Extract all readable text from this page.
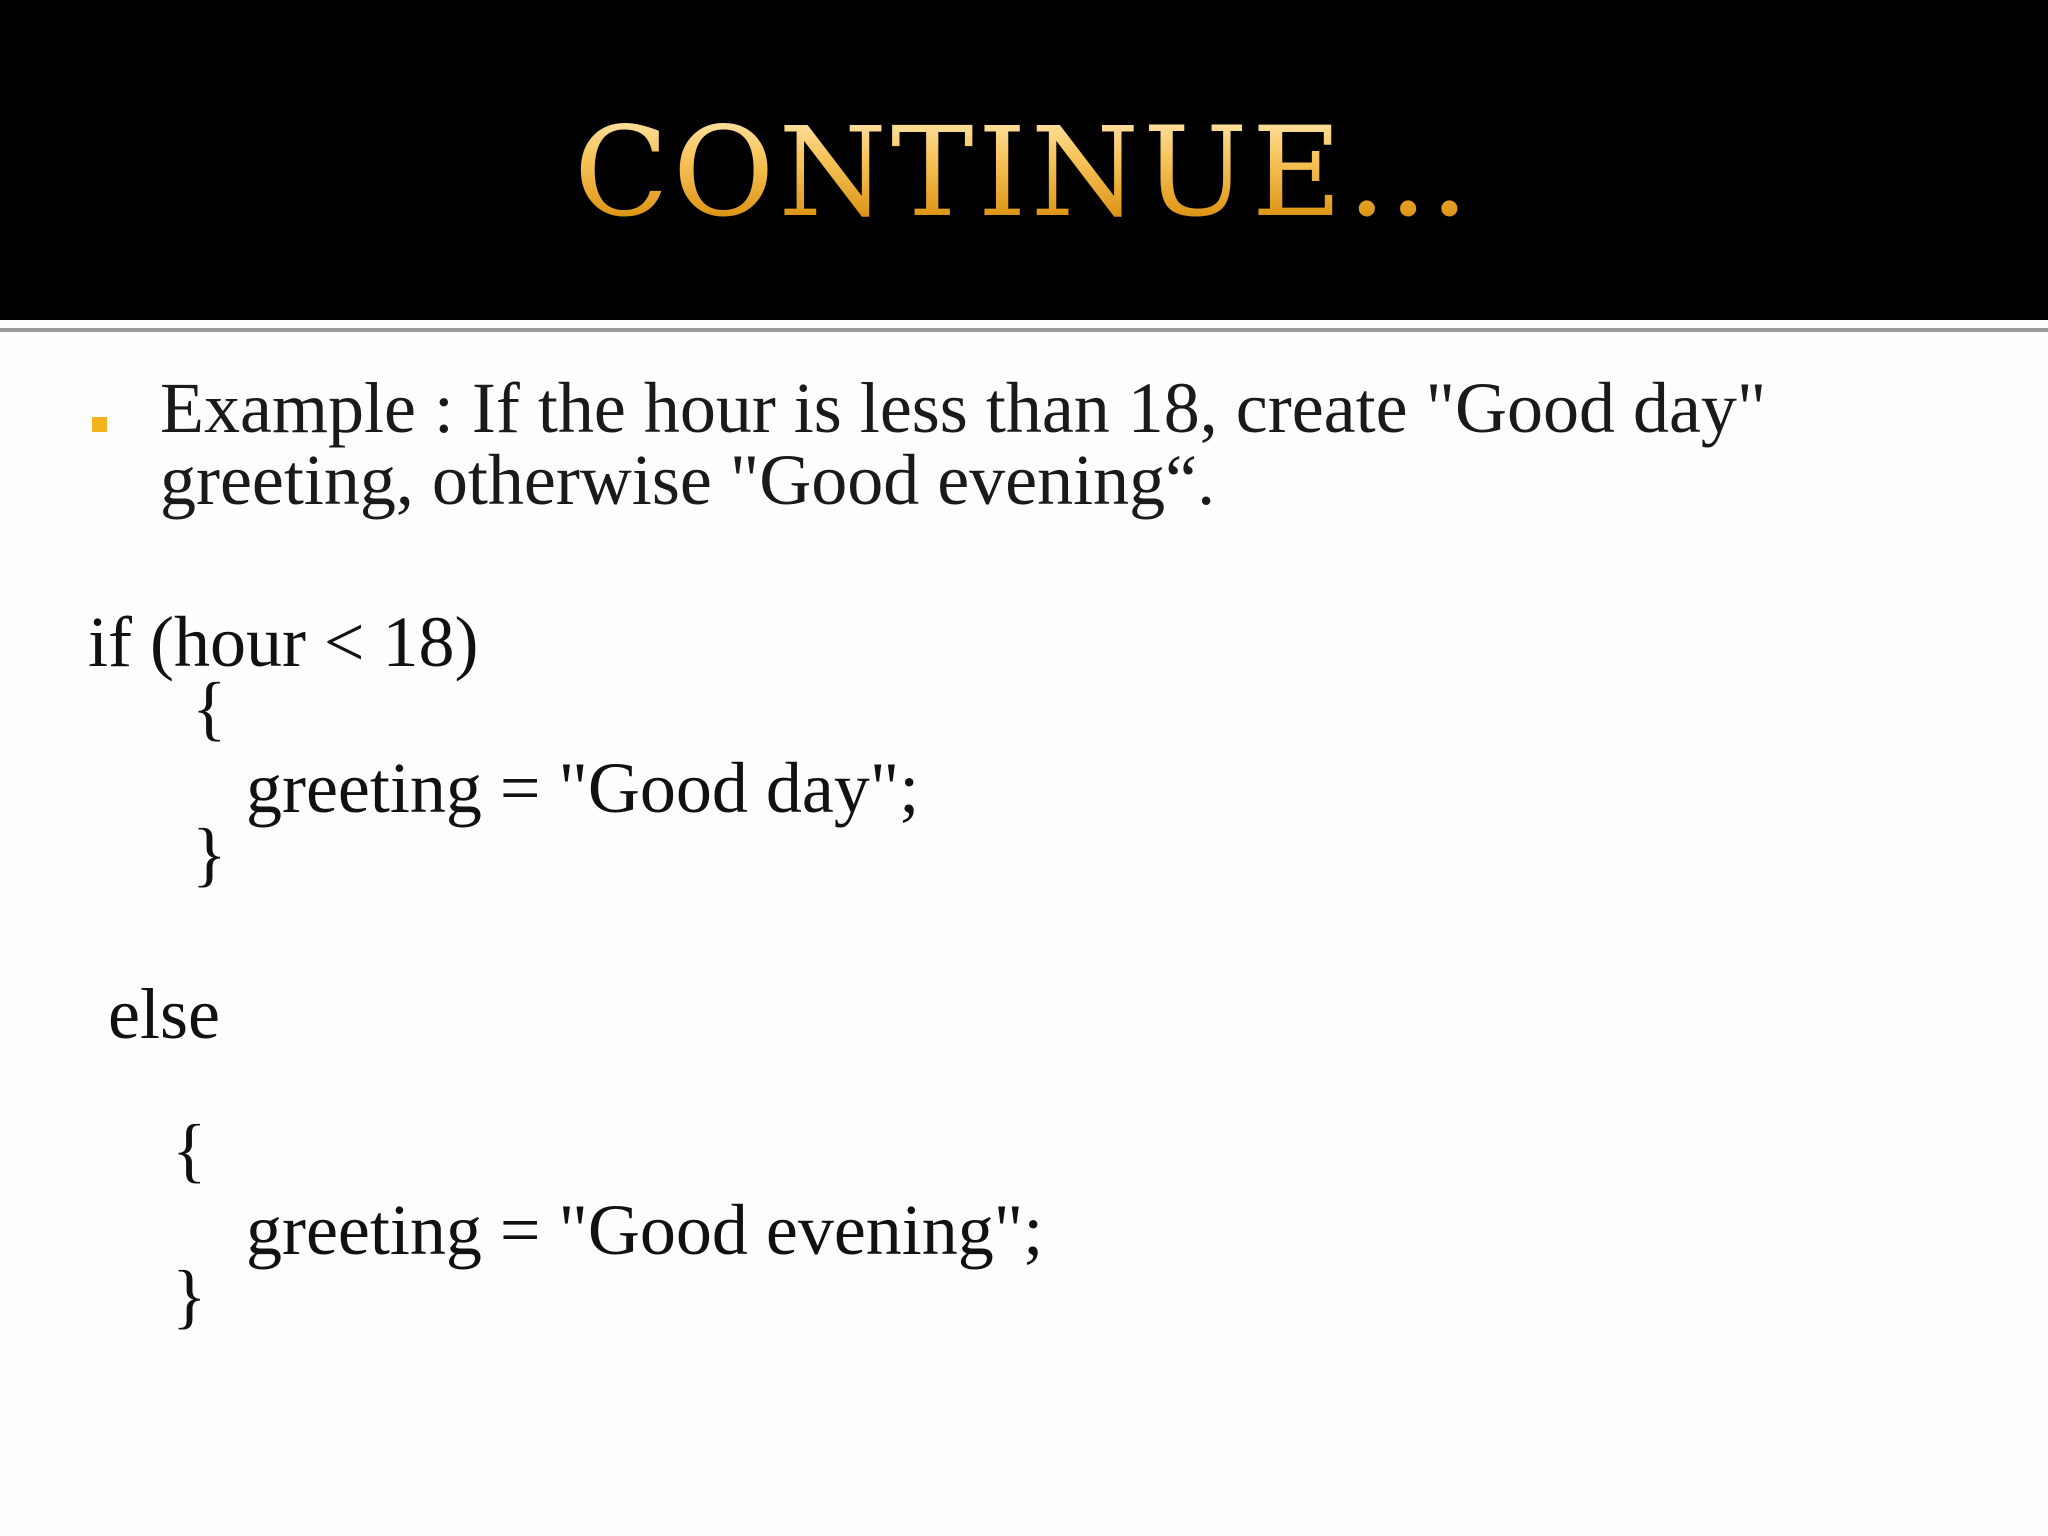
CONTINUE…
Example : If the hour is less than 18, create "Good day" greeting, otherwise "Good evening“.
if (hour < 18)
{
greeting = "Good day";
}
else
{
greeting = "Good evening";
}
